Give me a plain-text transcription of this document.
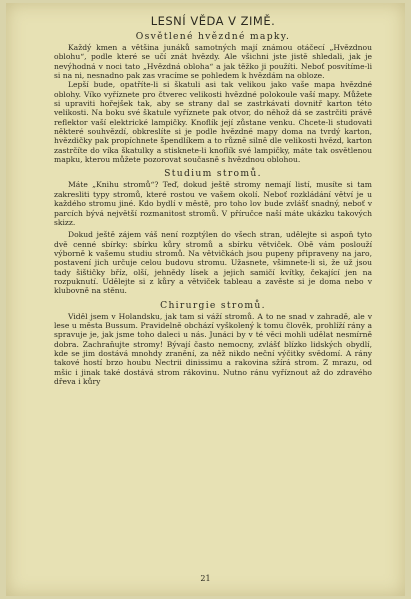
LESNÍ VĚDA V ZIMĚ.
Osvětlené hvězdné mapky.

Každý kmen a většina junáků samotných mají známou otáčecí „Hvězdnou oblohu“, podle které se učí znát hvězdy. Ale všichni jste jistě shledali, jak je nevýhodná v noci tato „Hvězdná obloha“ a jak těžko ji použíti. Neboť posvítíme-li si na ni, nesnadno pak zas vracíme se pohledem k hvězdám na obloze.

Lepší bude, opatříte-li si škatuli asi tak velikou jako vaše mapa hvězdné oblohy. Víko vyříznete pro čtverec velikosti hvězdné polokoule vaší mapy. Můžete si upraviti hořejšek tak, aby se strany dal se zastrkávati dovnitř karton této velikosti. Na boku své škatule vyříznete pak otvor, do něhož dá se zastrčiti právě reflektor vaší elektrické lampičky. Knoflík její zůstane venku. Chcete-li studovati některé souhvězdí, obkreslíte si je podle hvězdné mapy doma na tvrdý karton, hvězdičky pak propíchnete špendlíkem a to různě silně dle velikosti hvězd, karton zastrčíte do víka škatulky a stisknete-li knoflík své lampičky, máte tak osvětlenou mapku, kterou můžete pozorovat současně s hvězdnou oblohou.

Studium stromů.

Máte „Knihu stromů“? Teď, dokud ještě stromy nemají listí, musíte si tam zakresliti typy stromů, které rostou ve vašem okolí. Neboť rozkládání větví je u každého stromu jiné. Kdo bydlí v městě, pro toho lov bude zvlášť snadný, neboť v parcích bývá největší rozmanitost stromů. V příručce naší máte ukázku takových skizz.

Dokud ještě zájem váš není rozptýlen do všech stran, udělejte si aspoň tyto dvě cenné sbírky: sbírku kůry stromů a sbírku větviček. Obě vám poslouží výborně k vašemu studiu stromů. Na větvičkách jsou pupeny připraveny na jaro, postavení jich určuje celou budovu stromu. Užasnete, všimnete-li si, že už jsou tady šištičky bříz, olší, jehnědy lísek a jejich samičí kvítky, čekající jen na rozpuknutí. Udělejte si z kůry a větviček tableau a zavěste si je doma nebo v klubovně na stěnu.

Chirurgie stromů.

Viděl jsem v Holandsku, jak tam si váží stromů. A to ne snad v zahradě, ale v lese u města Bussum. Pravidelně obchází vyškolený k tomu člověk, prohlíží rány a spravuje je, jak jsme toho daleci u nás. Junáci by v té věci mohli udělat nesmírně dobra. Zachraňujte stromy! Bývají často nemocny, zvlášť blízko lidských obydlí, kde se jim dostává mnohdy zranění, za něž nikdo neční výčitky svědomí. A rány takové hostí brzo houbu Nectrii dinissimu a rakovina sžírá strom. Z mrazu, od mšic i jinak také dostává strom rákovinu. Nutno ránu vyříznout až do zdravého dřeva i kůry

21
